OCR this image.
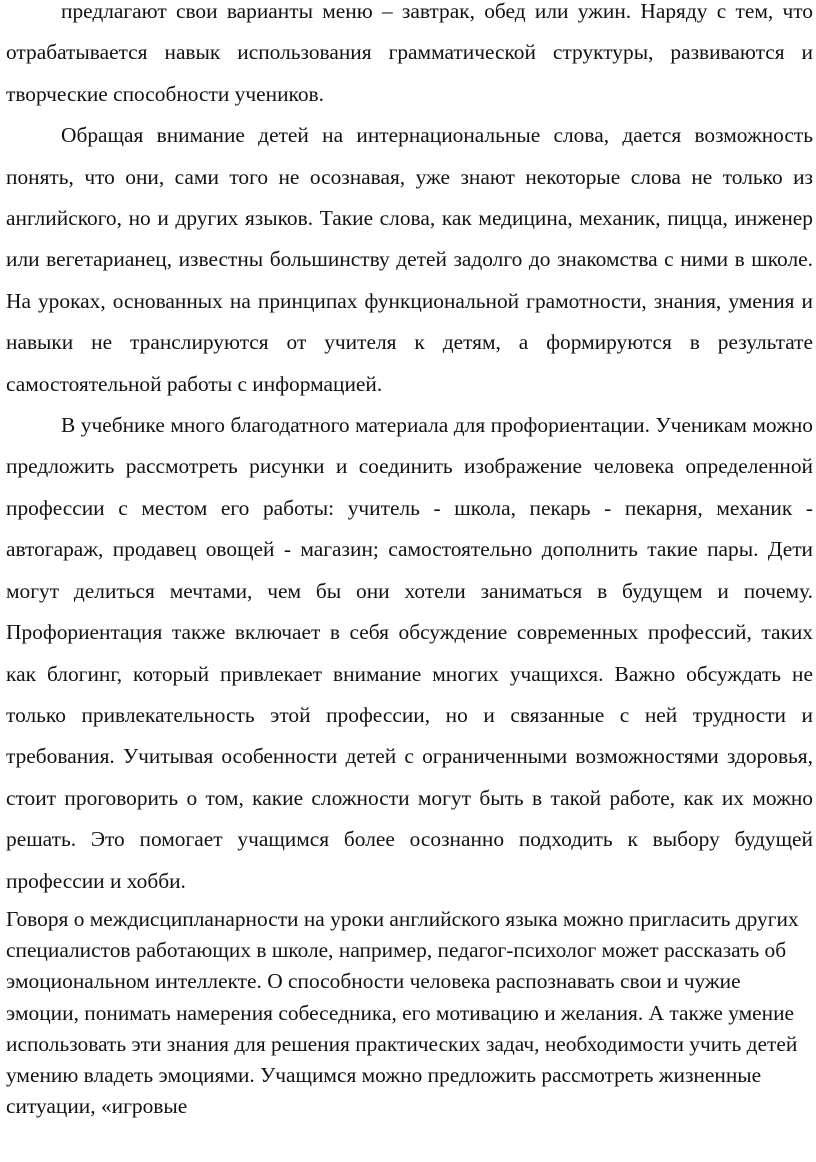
предлагают свои варианты меню – завтрак, обед или ужин. Наряду с тем, что отрабатывается навык использования грамматической структуры, развиваются и творческие способности учеников.

Обращая внимание детей на интернациональные слова, дается возможность понять, что они, сами того не осознавая, уже знают некоторые слова не только из английского, но и других языков. Такие слова, как медицина, механик, пицца, инженер или вегетарианец, известны большинству детей задолго до знакомства с ними в школе. На уроках, основанных на принципах функциональной грамотности, знания, умения и навыки не транслируются от учителя к детям, а формируются в результате самостоятельной работы с информацией.

В учебнике много благодатного материала для профориентации. Ученикам можно предложить рассмотреть рисунки и соединить изображение человека определенной профессии с местом его работы: учитель - школа, пекарь - пекарня, механик - автогараж, продавец овощей - магазин; самостоятельно дополнить такие пары. Дети могут делиться мечтами, чем бы они хотели заниматься в будущем и почему. Профориентация также включает в себя обсуждение современных профессий, таких как блогинг, который привлекает внимание многих учащихся. Важно обсуждать не только привлекательность этой профессии, но и связанные с ней трудности и требования. Учитывая особенности детей с ограниченными возможностями здоровья, стоит проговорить о том, какие сложности могут быть в такой работе, как их можно решать. Это помогает учащимся более осознанно подходить к выбору будущей профессии и хобби.

Говоря о междисципланарности на уроки английского языка можно пригласить других специалистов работающих в школе, например, педагог-психолог может рассказать об эмоциональном интеллекте. О способности человека распознавать свои и чужие эмоции, понимать намерения собеседника, его мотивацию и желания. А также умение использовать эти знания для решения практических задач, необходимости учить детей умению владеть эмоциями. Учащимся можно предложить рассмотреть жизненные ситуации, «игровые
